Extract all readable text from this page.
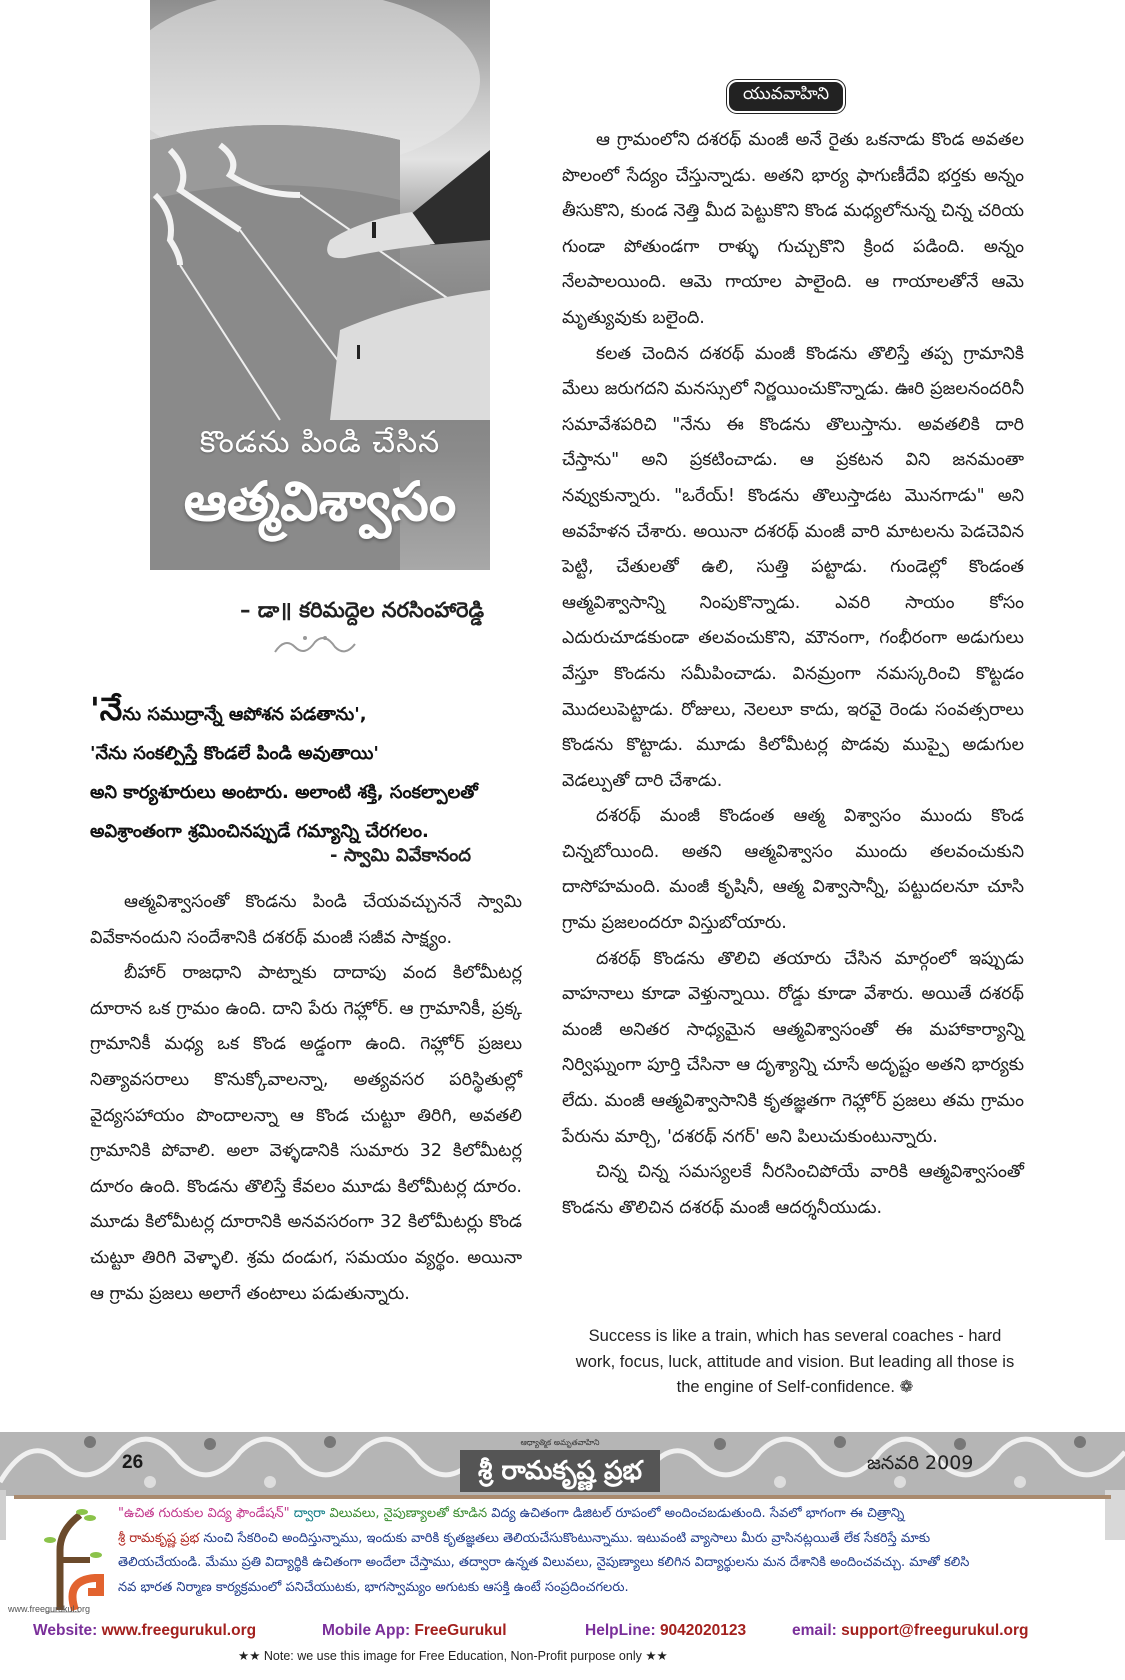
కొండను పిండి చేసిన
ఆత్మవిశ్వాసం
– డా॥ కరిమద్దెల నరసింహారెడ్డి
'నేను సముద్రాన్నే ఆపోశన పడతాను',
'నేను సంకల్పిస్తే కొండలే పిండి అవుతాయి'
అని కార్యశూరులు అంటారు. అలాంటి శక్తి, సంకల్పాలతో
అవిశ్రాంతంగా శ్రమించినప్పుడే గమ్యాన్ని చేరగలం.
- స్వామి వివేకానంద

ఆత్మవిశ్వాసంతో కొండను పిండి చేయవచ్చుననే స్వామి వివేకానందుని సందేశానికి దశరథ్ మంజీ సజీవ సాక్ష్యం.

బీహార్ రాజధాని పాట్నాకు దాదాపు వంద కిలోమీటర్ల దూరాన ఒక గ్రామం ఉంది. దాని పేరు గెహ్లోర్. ఆ గ్రామానికీ, ప్రక్క గ్రామానికీ మధ్య ఒక కొండ అడ్డంగా ఉంది. గెహ్లోర్ ప్రజలు నిత్యావసరాలు కొనుక్కోవాలన్నా, అత్యవసర పరిస్థితుల్లో వైద్యసహాయం పొందాలన్నా ఆ కొండ చుట్టూ తిరిగి, అవతలి గ్రామానికి పోవాలి. అలా వెళ్ళడానికి సుమారు 32 కిలోమీటర్ల దూరం ఉంది. కొండను తొలిస్తే కేవలం మూడు కిలోమీటర్ల దూరం. మూడు కిలోమీటర్ల దూరానికి అనవసరంగా 32 కిలోమీటర్లు కొండ చుట్టూ తిరిగి వెళ్ళాలి. శ్రమ దండుగ, సమయం వ్యర్థం. అయినా ఆ గ్రామ ప్రజలు అలాగే తంటాలు పడుతున్నారు.

యువవాహిని

ఆ గ్రామంలోని దశరథ్ మంజీ అనే రైతు ఒకనాడు కొండ అవతల పొలంలో సేద్యం చేస్తున్నాడు. అతని భార్య ఫాగుణీదేవి భర్తకు అన్నం తీసుకొని, కుండ నెత్తి మీద పెట్టుకొని కొండ మధ్యలోనున్న చిన్న చరియ గుండా పోతుండగా రాళ్ళు గుచ్చుకొని క్రింద పడింది. అన్నం నేలపాలయింది. ఆమె గాయాల పాలైంది. ఆ గాయాలతోనే ఆమె మృత్యువుకు బలైంది.

కలత చెందిన దశరథ్ మంజీ కొండను తొలిస్తే తప్ప గ్రామానికి మేలు జరుగదని మనస్సులో నిర్ణయించుకొన్నాడు. ఊరి ప్రజలనందరినీ సమావేశపరిచి "నేను ఈ కొండను తొలుస్తాను. అవతలికి దారి చేస్తాను" అని ప్రకటించాడు. ఆ ప్రకటన విని జనమంతా నవ్వుకున్నారు. "ఒరేయ్! కొండను తొలుస్తాడట మొనగాడు" అని అవహేళన చేశారు. అయినా దశరథ్ మంజీ వారి మాటలను పెడచెవిన పెట్టి, చేతులతో ఉలి, సుత్తి పట్టాడు. గుండెల్లో కొండంత ఆత్మవిశ్వాసాన్ని నింపుకొన్నాడు. ఎవరి సాయం కోసం ఎదురుచూడకుండా తలవంచుకొని, మౌనంగా, గంభీరంగా అడుగులు వేస్తూ కొండను సమీపించాడు. వినమ్రంగా నమస్కరించి కొట్టడం మొదలుపెట్టాడు. రోజులు, నెలలూ కాదు, ఇరవై రెండు సంవత్సరాలు కొండను కొట్టాడు. మూడు కిలోమీటర్ల పొడవు ముప్పై అడుగుల వెడల్పుతో దారి చేశాడు.

దశరథ్ మంజీ కొండంత ఆత్మ విశ్వాసం ముందు కొండ చిన్నబోయింది. అతని ఆత్మవిశ్వాసం ముందు తలవంచుకుని దాసోహమంది. మంజీ కృషినీ, ఆత్మ విశ్వాసాన్నీ, పట్టుదలనూ చూసి గ్రామ ప్రజలందరూ విస్తుబోయారు.

దశరథ్ కొండను తొలిచి తయారు చేసిన మార్గంలో ఇప్పుడు వాహనాలు కూడా వెళ్తున్నాయి. రోడ్డు కూడా వేశారు. అయితే దశరథ్ మంజీ అనితర సాధ్యమైన ఆత్మవిశ్వాసంతో ఈ మహాకార్యాన్ని నిర్విఘ్నంగా పూర్తి చేసినా ఆ దృశ్యాన్ని చూసే అదృష్టం అతని భార్యకు లేదు. మంజీ ఆత్మవిశ్వాసానికి కృతజ్ఞతగా గెహ్లోర్ ప్రజలు తమ గ్రామం పేరును మార్చి, 'దశరథ్ నగర్' అని పిలుచుకుంటున్నారు.

చిన్న చిన్న సమస్యలకే నీరసించిపోయే వారికి ఆత్మవిశ్వాసంతో కొండను తొలిచిన దశరథ్ మంజీ ఆదర్శనీయుడు.

Success is like a train, which has several coaches - hard work, focus, luck, attitude and vision. But leading all those is the engine of Self-confidence. ❁
26
ఆధ్యాత్మిక అమృతవాహిని
శ్రీ రామకృష్ణ ప్రభ	జనవరి 2009
www.freegurukul.org
"ఉచిత గురుకుల విద్య ఫౌండేషన్" ద్వారా విలువలు, నైపుణ్యాలతో కూడిన విద్య ఉచితంగా డిజిటల్ రూపంలో అందించబడుతుంది. సేవలో భాగంగా ఈ చిత్రాన్ని
శ్రీ రామకృష్ణ ప్రభ నుంచి సేకరించి అందిస్తున్నాము, ఇందుకు వారికి కృతజ్ఞతలు తెలియచేసుకొంటున్నాము. ఇటువంటి వ్యాసాలు మీరు వ్రాసినట్లయితే లేక సేకరిస్తే మాకు
తెలియచేయండి. మేము ప్రతి విద్యార్థికి ఉచితంగా అందేలా చేస్తాము, తద్వారా ఉన్నత విలువలు, నైపుణ్యాలు కలిగిన విద్యార్థులను మన దేశానికి అందించవచ్చు. మాతో కలిసి
నవ భారత నిర్మాణ కార్యక్రమంలో పనిచేయుటకు, భాగస్వామ్యం అగుటకు ఆసక్తి ఉంటే సంప్రదించగలరు.
Website: www.freegurukul.org	Mobile App: FreeGurukul	HelpLine: 9042020123	email: support@freegurukul.org
★★ Note: we use this image for Free Education, Non-Profit purpose only ★★
